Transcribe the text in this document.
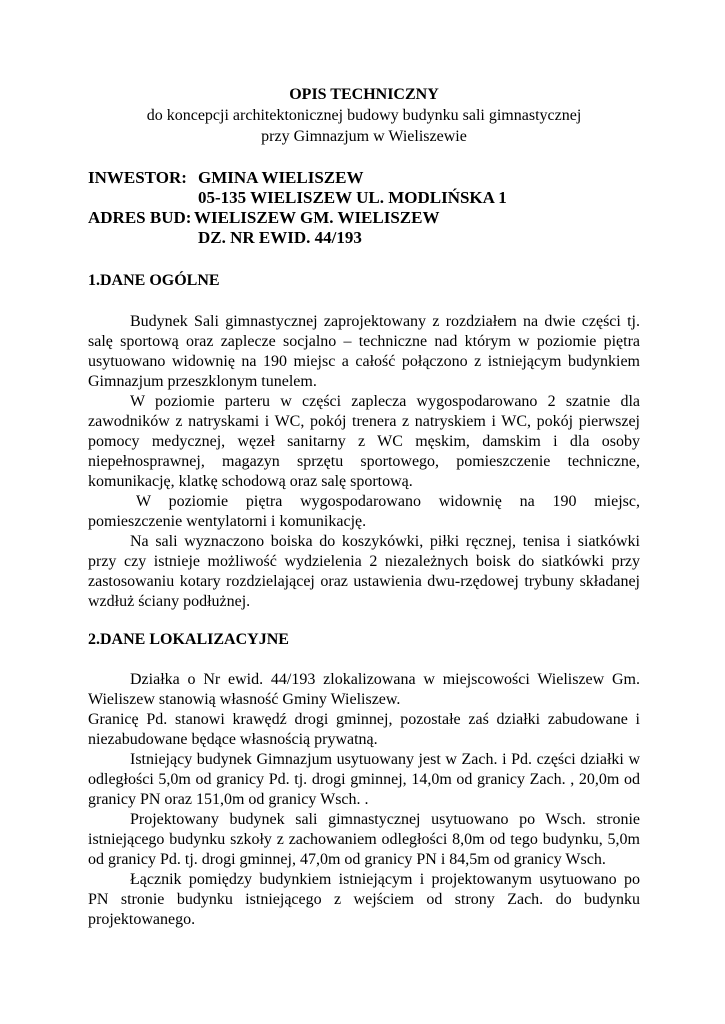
OPIS TECHNICZNY
do koncepcji architektonicznej budowy budynku sali gimnastycznej
przy Gimnazjum w Wieliszewie
INWESTOR: GMINA WIELISZEW
05-135 WIELISZEW UL. MODLIŃSKA 1
ADRES BUD: WIELISZEW GM. WIELISZEW
DZ. NR EWID. 44/193
1.DANE OGÓLNE

Budynek Sali gimnastycznej zaprojektowany z rozdziałem na dwie części tj. salę sportową oraz zaplecze socjalno – techniczne nad którym w poziomie piętra usytuowano widownię na 190 miejsc a całość połączono z istniejącym budynkiem Gimnazjum przeszklonym tunelem.

W poziomie parteru w części zaplecza wygospodarowano 2 szatnie dla zawodników z natryskami i WC, pokój trenera z natryskiem i WC, pokój pierwszej pomocy medycznej, węzeł sanitarny z WC męskim, damskim i dla osoby niepełnosprawnej, magazyn sprzętu sportowego, pomieszczenie techniczne, komunikację, klatkę schodową oraz salę sportową.

W poziomie piętra wygospodarowano widownię na 190 miejsc, pomieszczenie wentylatorni i komunikację.

Na sali wyznaczono boiska do koszykówki, piłki ręcznej, tenisa i siatkówki przy czy istnieje możliwość wydzielenia 2 niezależnych boisk do siatkówki przy zastosowaniu kotary rozdzielającej oraz ustawienia dwu-rzędowej trybuny składanej wzdłuż ściany podłużnej.

2.DANE LOKALIZACYJNE

Działka o Nr ewid. 44/193 zlokalizowana w miejscowości Wieliszew Gm. Wieliszew stanowią własność Gminy Wieliszew.

Granicę Pd. stanowi krawędź drogi gminnej, pozostałe zaś działki zabudowane i niezabudowane będące własnością prywatną.

Istniejący budynek Gimnazjum usytuowany jest w Zach. i Pd. części działki w odległości 5,0m od granicy Pd. tj. drogi gminnej, 14,0m od granicy Zach. , 20,0m od granicy PN oraz 151,0m od granicy Wsch. .

Projektowany budynek sali gimnastycznej usytuowano po Wsch. stronie istniejącego budynku szkoły z zachowaniem odległości 8,0m od tego budynku, 5,0m od granicy Pd. tj. drogi gminnej, 47,0m od granicy PN i 84,5m od granicy Wsch.

Łącznik pomiędzy budynkiem istniejącym i projektowanym usytuowano po PN stronie budynku istniejącego z wejściem od strony Zach. do budynku projektowanego.
